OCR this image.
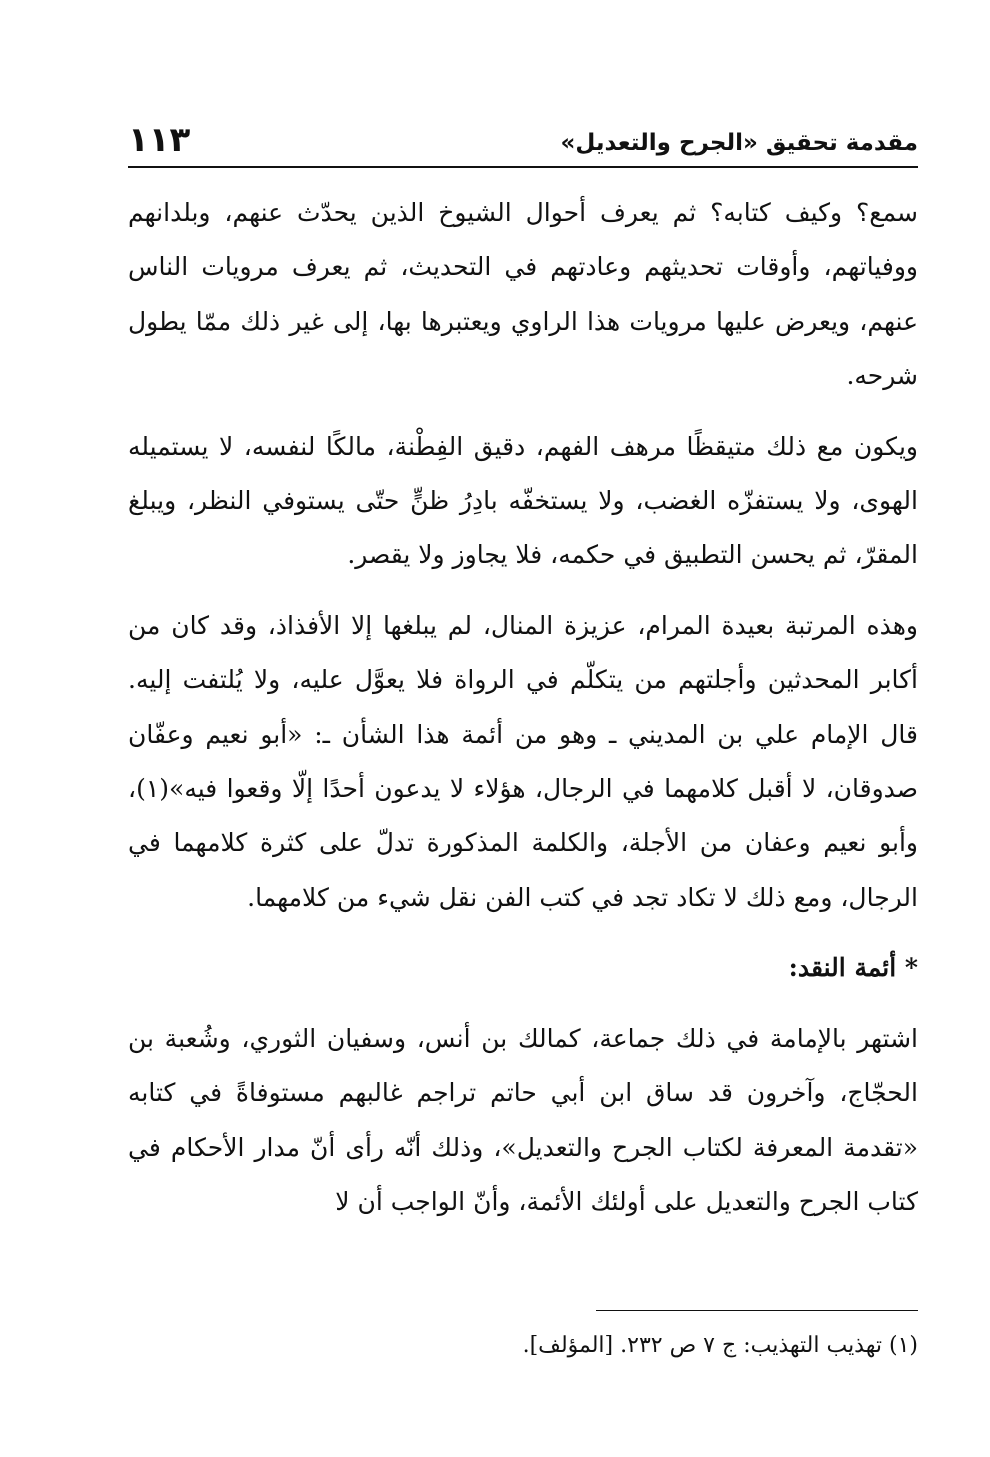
مقدمة تحقيق «الجرح والتعديل»
١١٣

سمع؟ وكيف كتابه؟ ثم يعرف أحوال الشيوخ الذين يحدّث عنهم، وبلدانهم ووفياتهم، وأوقات تحديثهم وعادتهم في التحديث، ثم يعرف مرويات الناس عنهم، ويعرض عليها مرويات هذا الراوي ويعتبرها بها، إلى غير ذلك ممّا يطول شرحه.

ويكون مع ذلك متيقظًا مرهف الفهم، دقيق الفِطْنة، مالكًا لنفسه، لا يستميله الهوى، ولا يستفزّه الغضب، ولا يستخفّه بادِرُ ظنٍّ حتّى يستوفي النظر، ويبلغ المقرّ، ثم يحسن التطبيق في حكمه، فلا يجاوز ولا يقصر.

وهذه المرتبة بعيدة المرام، عزيزة المنال، لم يبلغها إلا الأفذاذ، وقد كان من أكابر المحدثين وأجلتهم من يتكلّم في الرواة فلا يعوَّل عليه، ولا يُلتفت إليه. قال الإمام علي بن المديني ـ وهو من أئمة هذا الشأن ـ: «أبو نعيم وعفّان صدوقان، لا أقبل كلامهما في الرجال، هؤلاء لا يدعون أحدًا إلّا وقعوا فيه»(١)، وأبو نعيم وعفان من الأجلة، والكلمة المذكورة تدلّ على كثرة كلامهما في الرجال، ومع ذلك لا تكاد تجد في كتب الفن نقل شيء من كلامهما.

* أئمة النقد:

اشتهر بالإمامة في ذلك جماعة، كمالك بن أنس، وسفيان الثوري، وشُعبة بن الحجّاج، وآخرون قد ساق ابن أبي حاتم تراجم غالبهم مستوفاةً في كتابه «تقدمة المعرفة لكتاب الجرح والتعديل»، وذلك أنّه رأى أنّ مدار الأحكام في كتاب الجرح والتعديل على أولئك الأئمة، وأنّ الواجب أن لا

(١) تهذيب التهذيب: ج ٧ ص ٢٣٢. [المؤلف].
